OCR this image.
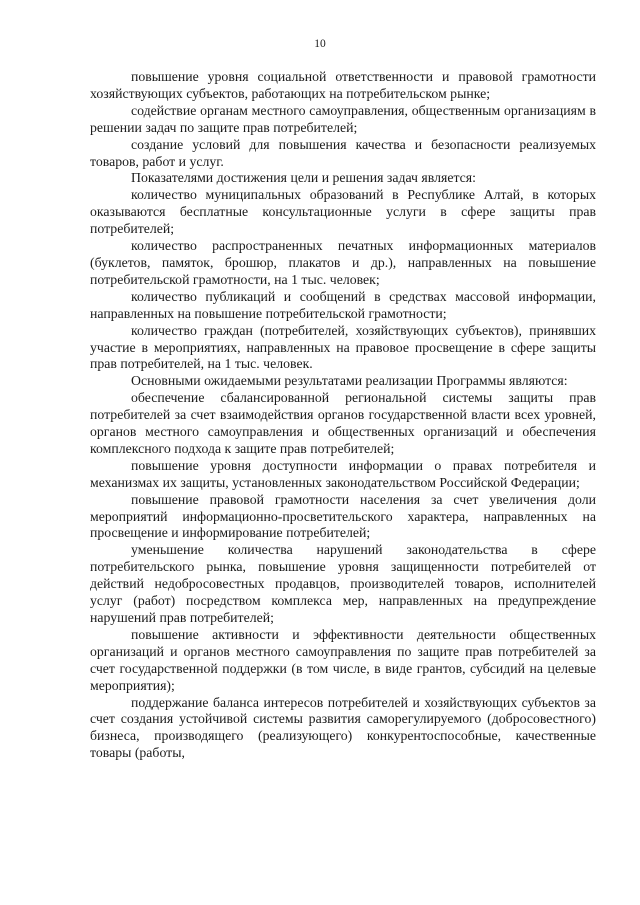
10

повышение уровня социальной ответственности и правовой грамотности хозяйствующих субъектов, работающих на потребительском рынке;

содействие органам местного самоуправления, общественным организациям в решении задач по защите прав потребителей;

создание условий для повышения качества и безопасности реализуемых товаров, работ и услуг.

Показателями достижения цели и решения задач является:

количество муниципальных образований в Республике Алтай, в которых оказываются бесплатные консультационные услуги в сфере защиты прав потребителей;

количество распространенных печатных информационных материалов (буклетов, памяток, брошюр, плакатов и др.), направленных на повышение потребительской грамотности, на 1 тыс. человек;

количество публикаций и сообщений в средствах массовой информации, направленных на повышение потребительской грамотности;

количество граждан (потребителей, хозяйствующих субъектов), принявших участие в мероприятиях, направленных на правовое просвещение в сфере защиты прав потребителей, на 1 тыс. человек.

Основными ожидаемыми результатами реализации Программы являются:

обеспечение сбалансированной региональной системы защиты прав потребителей за счет взаимодействия органов государственной власти всех уровней, органов местного самоуправления и общественных организаций и обеспечения комплексного подхода к защите прав потребителей;

повышение уровня доступности информации о правах потребителя и механизмах их защиты, установленных законодательством Российской Федерации;

повышение правовой грамотности населения за счет увеличения доли мероприятий информационно-просветительского характера, направленных на просвещение и информирование потребителей;

уменьшение количества нарушений законодательства в сфере потребительского рынка, повышение уровня защищенности потребителей от действий недобросовестных продавцов, производителей товаров, исполнителей услуг (работ) посредством комплекса мер, направленных на предупреждение нарушений прав потребителей;

повышение активности и эффективности деятельности общественных организаций и органов местного самоуправления по защите прав потребителей за счет государственной поддержки (в том числе, в виде грантов, субсидий на целевые мероприятия);

поддержание баланса интересов потребителей и хозяйствующих субъектов за счет создания устойчивой системы развития саморегулируемого (добросовестного) бизнеса, производящего (реализующего) конкурентоспособные, качественные товары (работы,
